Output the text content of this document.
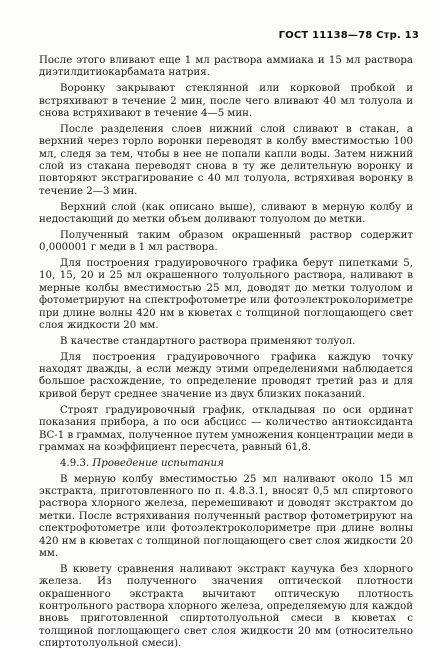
ГОСТ 11138—78 Стр. 13

После этого вливают еще 1 мл раствора аммиака и 15 мл раствора диэтилдитиокарбамата натрия.

Воронку закрывают стеклянной или корковой пробкой и встряхивают в течение 2 мин, после чего вливают 40 мл толуола и снова встряхивают в течение 4—5 мин.

После разделения слоев нижний слой сливают в стакан, а верхний через горло воронки переводят в колбу вместимостью 100 мл, следя за тем, чтобы в нее не попали капли воды. Затем нижний слой из стакана переводят снова в ту же делительную воронку и повторяют экстрагирование с 40 мл толуола, встряхивая воронку в течение 2—3 мин.

Верхний слой (как описано выше), сливают в мерную колбу и недостающий до метки объем доливают толуолом до метки.

Полученный таким образом окрашенный раствор содержит 0,000001 г меди в 1 мл раствора.

Для построения градуировочного графика берут пипетками 5, 10, 15, 20 и 25 мл окрашенного толуольного раствора, наливают в мерные колбы вместимостью 25 мл, доводят до метки толуолом и фотометрируют на спектрофотометре или фотоэлектроколориметре при длине волны 420 нм в кюветах с толщиной поглощающего свет слоя жидкости 20 мм.

В качестве стандартного раствора применяют толуол.

Для построения градуировочного графика каждую точку находят дважды, а если между этими определениями наблюдается большое расхождение, то определение проводят третий раз и для кривой берут среднее значение из двух близких показаний.

Строят градуировочный график, откладывая по оси ординат показания прибора, а по оси абсцисс — количество антиоксиданта ВС-1 в граммах, полученное путем умножения концентрации меди в граммах на коэффициент пересчета, равный 61,8.

4.9.3. Проведение испытания

В мерную колбу вместимостью 25 мл наливают около 15 мл экстракта, приготовленного по п. 4.8.3.1, вносят 0,5 мл спиртового раствора хлорного железа, перемешивают и доводят экстрактом до метки. После встряхивания полученный раствор фотометрируют на спектрофотометре или фотоэлектроколориметре при длине волны 420 нм в кюветах с толщиной поглощающего свет слоя жидкости 20 мм.

В кювету сравнения наливают экстракт каучука без хлорного железа. Из полученного значения оптической плотности окрашенного экстракта вычитают оптическую плотность контрольного раствора хлорного железа, определяемую для каждой вновь приготовленной спиртотолуольной смеси в кюветах с толщиной поглощающего свет слоя жидкости 20 мм (относительно спиртотолуольной смеси).
